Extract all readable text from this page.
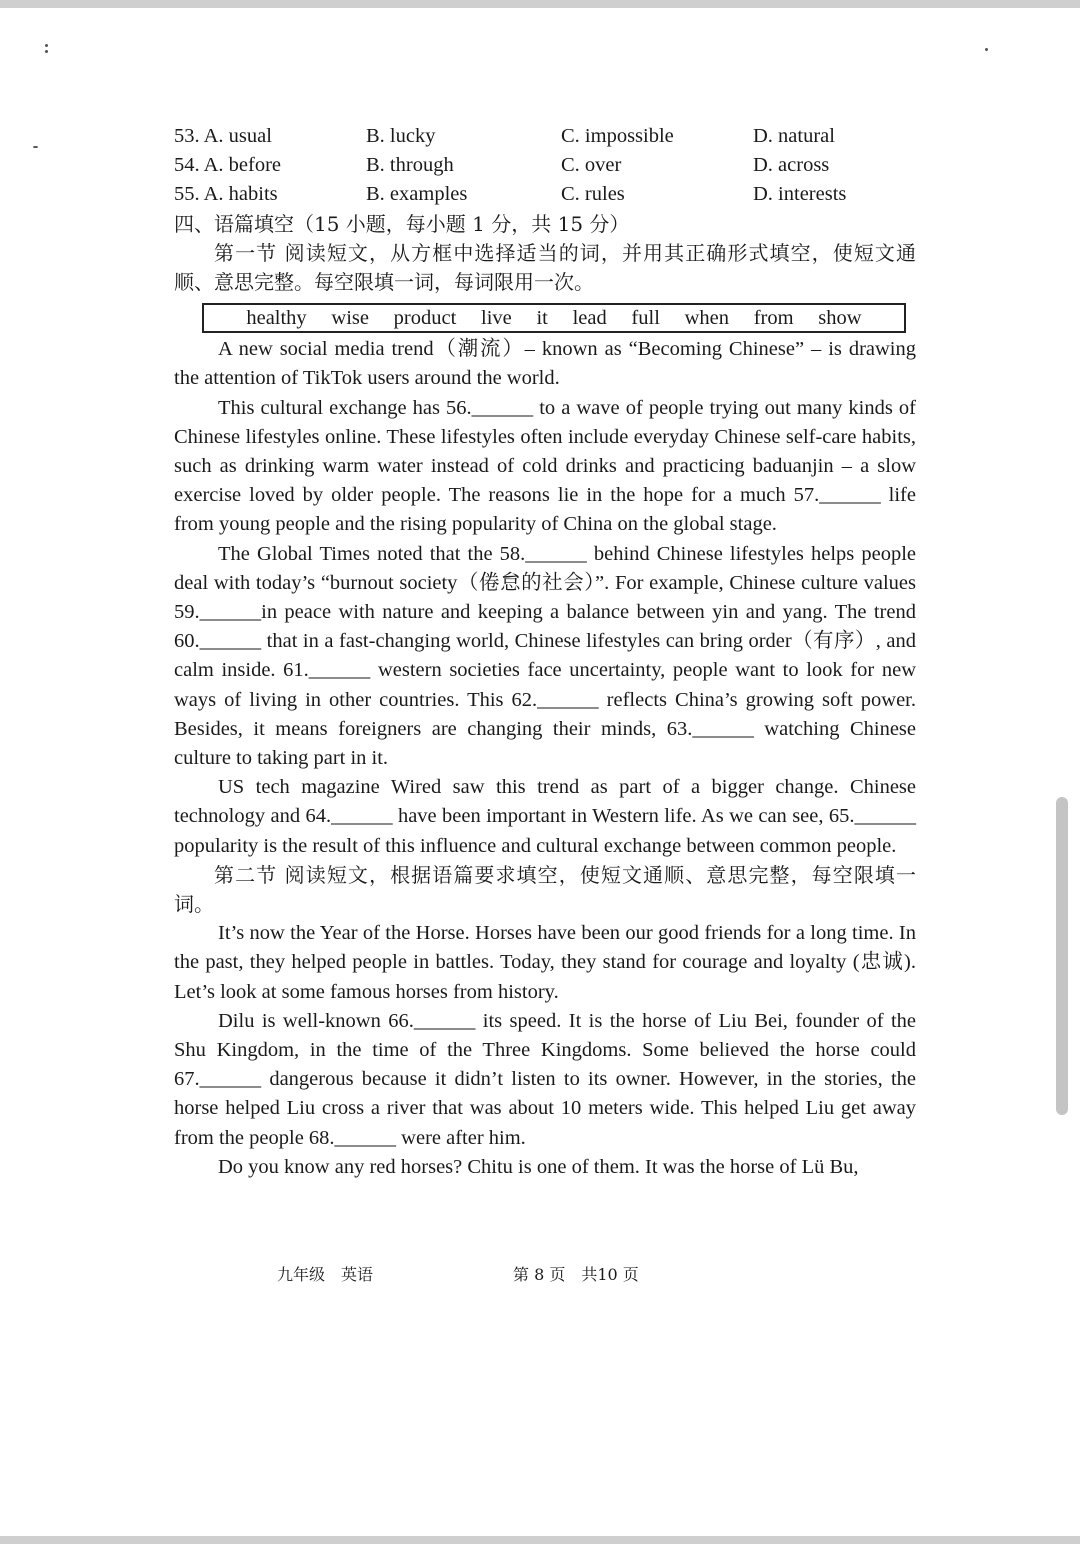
53. A. usual	B. lucky	C. impossible	D. natural
54. A. before	B. through	C. over	D. across
55. A. habits	B. examples	C. rules	D. interests
四、语篇填空（15 小题，每小题 1 分，共 15 分）

第一节 阅读短文，从方框中选择适当的词，并用其正确形式填空，使短文通顺、意思完整。每空限填一词，每词限用一次。

healthy wise product live it lead full when from show

A new social media trend（潮流）– known as “Becoming Chinese” – is drawing the attention of TikTok users around the world.

This cultural exchange has 56.______ to a wave of people trying out many kinds of Chinese lifestyles online. These lifestyles often include everyday Chinese self-care habits, such as drinking warm water instead of cold drinks and practicing baduanjin – a slow exercise loved by older people. The reasons lie in the hope for a much 57.______ life from young people and the rising popularity of China on the global stage.

The Global Times noted that the 58.______ behind Chinese lifestyles helps people deal with today’s “burnout society（倦怠的社会）”. For example, Chinese culture values 59.______in peace with nature and keeping a balance between yin and yang. The trend 60.______ that in a fast-changing world, Chinese lifestyles can bring order（有序）, and calm inside. 61.______ western societies face uncertainty, people want to look for new ways of living in other countries. This 62.______ reflects China’s growing soft power. Besides, it means foreigners are changing their minds, 63.______ watching Chinese culture to taking part in it.

US tech magazine Wired saw this trend as part of a bigger change. Chinese technology and 64.______ have been important in Western life. As we can see, 65.______ popularity is the result of this influence and cultural exchange between common people.

第二节 阅读短文，根据语篇要求填空，使短文通顺、意思完整，每空限填一词。

It’s now the Year of the Horse. Horses have been our good friends for a long time. In the past, they helped people in battles. Today, they stand for courage and loyalty (忠诚). Let’s look at some famous horses from history.

Dilu is well-known 66.______ its speed. It is the horse of Liu Bei, founder of the Shu Kingdom, in the time of the Three Kingdoms. Some believed the horse could 67.______ dangerous because it didn’t listen to its owner. However, in the stories, the horse helped Liu cross a river that was about 10 meters wide. This helped Liu get away from the people 68.______ were after him.

Do you know any red horses? Chitu is one of them. It was the horse of Lü Bu,

九年级　英语	第 8 页　共10 页
